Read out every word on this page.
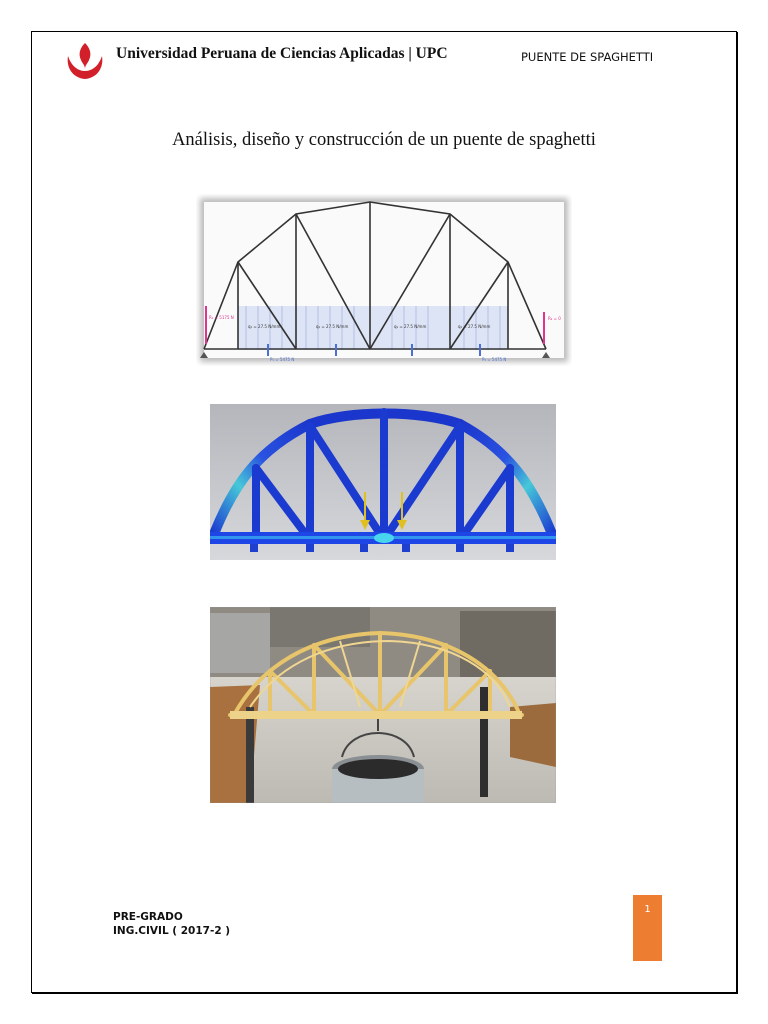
Universidad Peruana de Ciencias Aplicadas | UPC	PUENTE DE SPAGHETTI
Análisis, diseño y construcción de un puente de spaghetti
q₁ = 27.5 N/mm	q₁ = 27.5 N/mm	q₁ = 27.5 N/mm	q₁ = 27.5 N/mm
R₁ = 5175 N	R₂ = 0
P₁ = 5475 N	P₂ = 5475 N
PRE-GRADO
ING.CIVIL ( 2017-2 )
1
